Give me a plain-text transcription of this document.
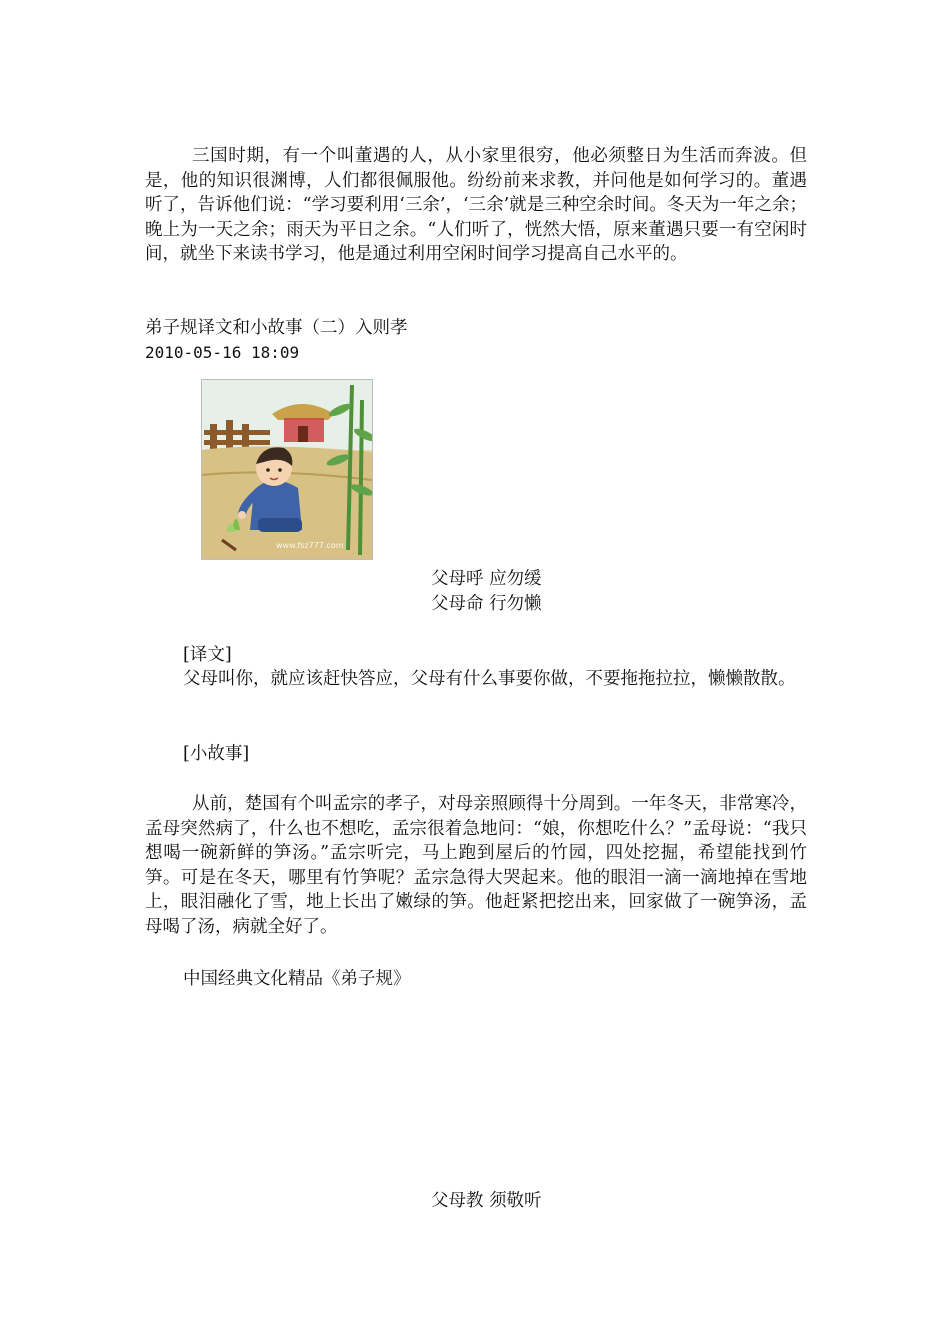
三国时期，有一个叫董遇的人，从小家里很穷，他必须整日为生活而奔波。但是，他的知识很渊博，人们都很佩服他。纷纷前来求教，并问他是如何学习的。董遇听了，告诉他们说：“学习要利用‘三余’，‘三余’就是三种空余时间。冬天为一年之余；晚上为一天之余；雨天为平日之余。“人们听了，恍然大悟，原来董遇只要一有空闲时间，就坐下来读书学习，他是通过利用空闲时间学习提高自己水平的。

弟子规译文和小故事（二）入则孝

2010-05-16 18:09

www.fsz777.com

父母呼 应勿缓

父母命 行勿懒

[译文]

父母叫你，就应该赶快答应，父母有什么事要你做，不要拖拖拉拉，懒懒散散。

[小故事]

从前，楚国有个叫孟宗的孝子，对母亲照顾得十分周到。一年冬天，非常寒冷，孟母突然病了，什么也不想吃，孟宗很着急地问：“娘，你想吃什么？”孟母说：“我只想喝一碗新鲜的笋汤。”孟宗听完，马上跑到屋后的竹园，四处挖掘，希望能找到竹笋。可是在冬天，哪里有竹笋呢？孟宗急得大哭起来。他的眼泪一滴一滴地掉在雪地上，眼泪融化了雪，地上长出了嫩绿的笋。他赶紧把挖出来，回家做了一碗笋汤，孟母喝了汤，病就全好了。

中国经典文化精品《弟子规》

父母教 须敬听
